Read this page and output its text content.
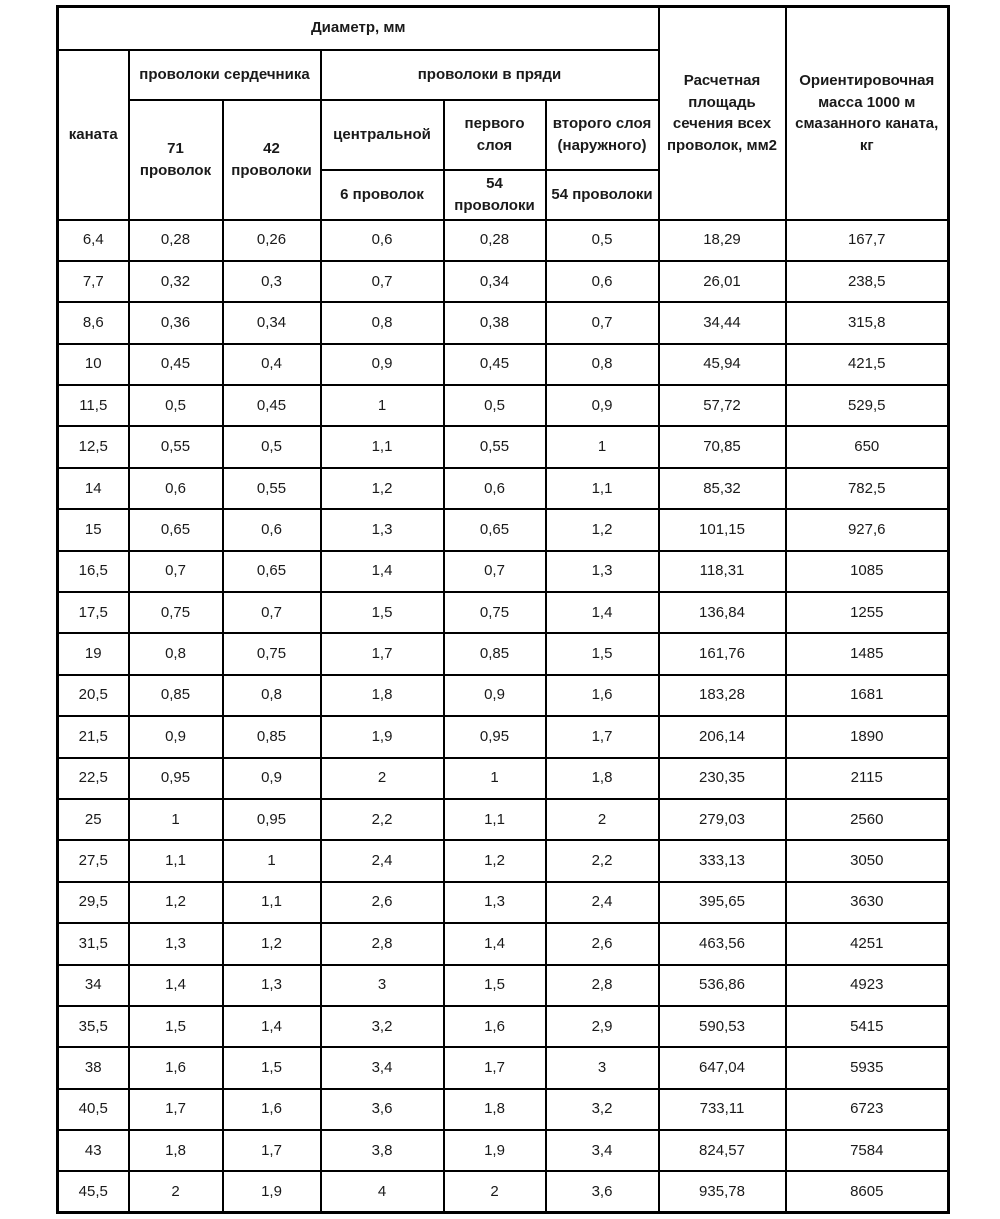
Диаметр, мм						Расчетная площадь сечения всех проволок, мм2	Ориентировочная масса 1000 м смазанного каната, кг
каната	проволоки сердечника		проволоки в пряди				
	71 проволок	42 проволоки	центральной	первого слоя	второго слоя (наружного)		
			6 проволок	54 проволоки	54 проволоки		
6,4	0,28	0,26	0,6	0,28	0,5	18,29	167,7
7,7	0,32	0,3	0,7	0,34	0,6	26,01	238,5
8,6	0,36	0,34	0,8	0,38	0,7	34,44	315,8
10	0,45	0,4	0,9	0,45	0,8	45,94	421,5
11,5	0,5	0,45	1	0,5	0,9	57,72	529,5
12,5	0,55	0,5	1,1	0,55	1	70,85	650
14	0,6	0,55	1,2	0,6	1,1	85,32	782,5
15	0,65	0,6	1,3	0,65	1,2	101,15	927,6
16,5	0,7	0,65	1,4	0,7	1,3	118,31	1085
17,5	0,75	0,7	1,5	0,75	1,4	136,84	1255
19	0,8	0,75	1,7	0,85	1,5	161,76	1485
20,5	0,85	0,8	1,8	0,9	1,6	183,28	1681
21,5	0,9	0,85	1,9	0,95	1,7	206,14	1890
22,5	0,95	0,9	2	1	1,8	230,35	2115
25	1	0,95	2,2	1,1	2	279,03	2560
27,5	1,1	1	2,4	1,2	2,2	333,13	3050
29,5	1,2	1,1	2,6	1,3	2,4	395,65	3630
31,5	1,3	1,2	2,8	1,4	2,6	463,56	4251
34	1,4	1,3	3	1,5	2,8	536,86	4923
35,5	1,5	1,4	3,2	1,6	2,9	590,53	5415
38	1,6	1,5	3,4	1,7	3	647,04	5935
40,5	1,7	1,6	3,6	1,8	3,2	733,11	6723
43	1,8	1,7	3,8	1,9	3,4	824,57	7584
45,5	2	1,9	4	2	3,6	935,78	8605
